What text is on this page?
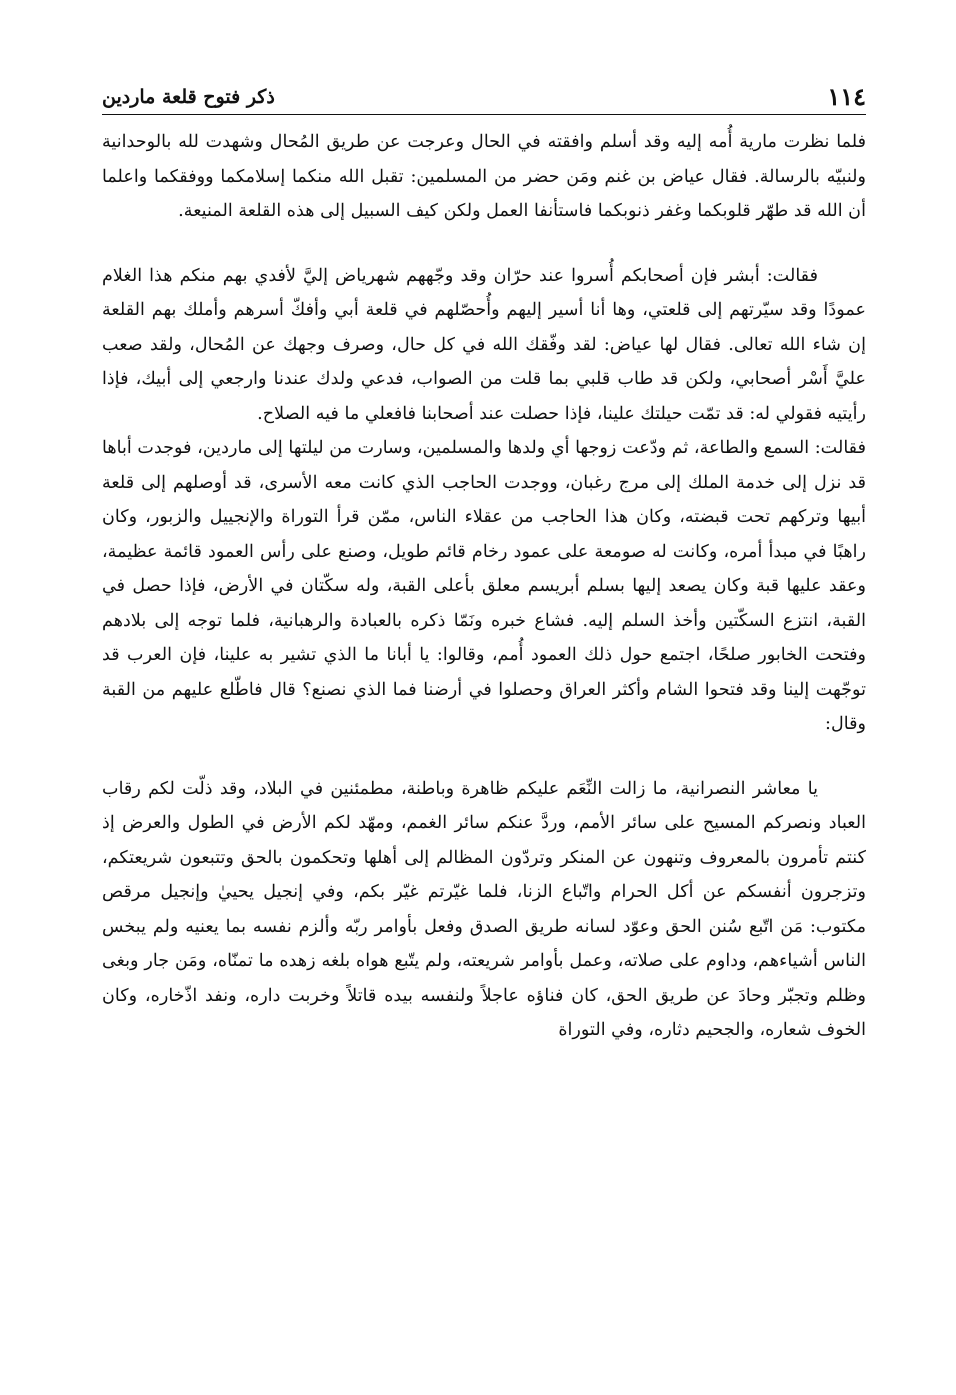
١١٤
ذكر فتوح قلعة ماردين

فلما نظرت مارية أُمه إليه وقد أسلم وافقته في الحال وعرجت عن طريق المُحال وشهدت لله بالوحدانية ولنبيّه بالرسالة. فقال عياض بن غنم ومَن حضر من المسلمين: تقبل الله منكما إسلامكما ووفقكما واعلما أن الله قد طهّر قلوبكما وغفر ذنوبكما فاستأنفا العمل ولكن كيف السبيل إلى هذه القلعة المنيعة.

فقالت: أبشر فإن أصحابكم أُسروا عند حرّان وقد وجّههم شهرياض إليَّ لأفدي بهم منكم هذا الغلام عمودًا وقد سيّرتهم إلى قلعتي، وها أنا أسير إليهم وأُحصّلهم في قلعة أبي وأفكّ أسرهم وأملك بهم القلعة إن شاء الله تعالى. فقال لها عياض: لقد وفّقك الله في كل حال، وصرف وجهك عن المُحال، ولقد صعب عليَّ أَسْر أصحابي، ولكن قد طاب قلبي بما قلت من الصواب، فدعي ولدك عندنا وارجعي إلى أبيك، فإذا رأيتيه فقولي له: قد تمّت حيلتك علينا، فإذا حصلت عند أصحابنا فافعلي ما فيه الصلاح.

فقالت: السمع والطاعة، ثم ودّعت زوجها أي ولدها والمسلمين، وسارت من ليلتها إلى ماردين، فوجدت أباها قد نزل إلى خدمة الملك إلى مرج رغبان، ووجدت الحاجب الذي كانت معه الأسرى، قد أوصلهم إلى قلعة أبيها وتركهم تحت قبضته، وكان هذا الحاجب من عقلاء الناس، ممّن قرأ التوراة والإنجييل والزبور، وكان راهبًا في مبدأ أمره، وكانت له صومعة على عمود رخام قائم طويل، وصنع على رأس العمود قائمة عظيمة، وعقد عليها قبة وكان يصعد إليها بسلم أبريسم معلق بأعلى القبة، وله سكّتان في الأرض، فإذا حصل في القبة، انتزع السكّتين وأخذ السلم إليه. فشاع خبره ونَمّا ذكره بالعبادة والرهبانية، فلما توجه إلى بلادهم وفتحت الخابور صلحًا، اجتمع حول ذلك العمود أُمم، وقالوا: يا أبانا ما الذي تشير به علينا، فإن العرب قد توجّهت إلينا وقد فتحوا الشام وأكثر العراق وحصلوا في أرضنا فما الذي نصنع؟ قال فاطّلع عليهم من القبة وقال:

يا معاشر النصرانية، ما زالت النِّعَم عليكم ظاهرة وباطنة، مطمئنين في البلاد، وقد ذلّت لكم رقاب العباد ونصركم المسيح على سائر الأمم، وردَّ عنكم سائر الغمم، ومهّد لكم الأرض في الطول والعرض إذ كنتم تأمرون بالمعروف وتنهون عن المنكر وتردّون المظالم إلى أهلها وتحكمون بالحق وتتبعون شريعتكم، وتزجرون أنفسكم عن أكل الحرام واتّباع الزنا، فلما غيّرتم غيّر بكم، وفي إنجيل يحييٰ وإنجيل مرقص مكتوب: مَن اتّبع سُنن الحق وعوّد لسانه طريق الصدق وفعل بأوامر ربّه وألزم نفسه بما يعنيه ولم يبخس الناس أشياءهم، وداوم على صلاته، وعمل بأوامر شريعته، ولم يتّبع هواه بلغه زهده ما تمنّاه، ومَن جار وبغى وظلم وتجبّر وحادَ عن طريق الحق، كان فناؤه عاجلاً ولنفسه بيده قاتلاً وخربت داره، ونفد اذّخاره، وكان الخوف شعاره، والجحيم دثاره، وفي التوراة
